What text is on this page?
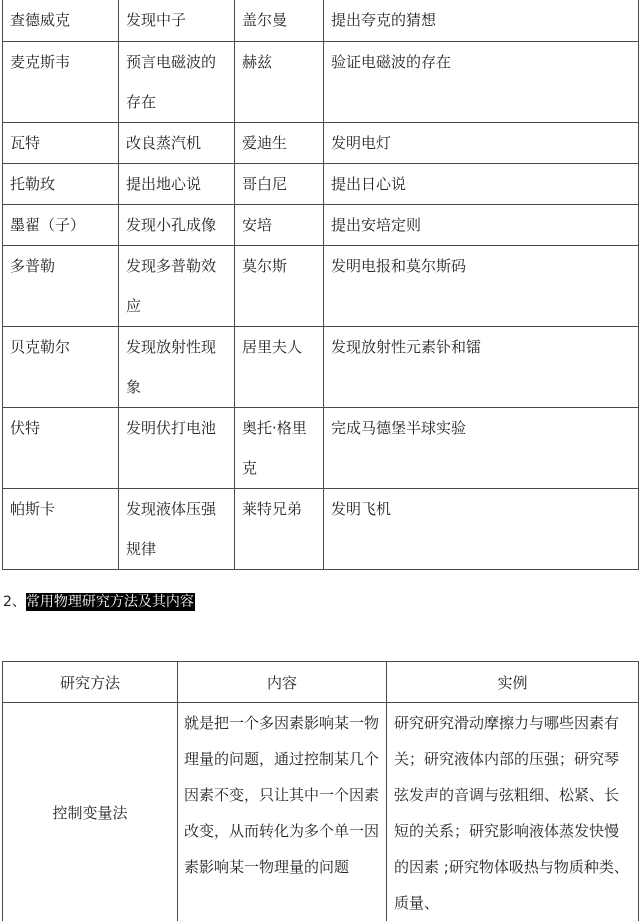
查德威克	发现中子	盖尔曼	提出夸克的猜想

麦克斯韦	预言电磁波的存在	赫兹	验证电磁波的存在

瓦特	改良蒸汽机	爱迪生	发明电灯

托勒玫	提出地心说	哥白尼	提出日心说

墨翟（子）	发现小孔成像	安培	提出安培定则

多普勒	发现多普勒效应	莫尔斯	发明电报和莫尔斯码

贝克勒尔	发现放射性现象	居里夫人	发现放射性元素钋和镭

伏特	发明伏打电池	奥托·格里克	完成马德堡半球实验

帕斯卡	发现液体压强规律	莱特兄弟	发明飞机
2、常用物理研究方法及其内容
研究方法	内容	实例
控制变量法	就是把一个多因素影响某一物理量的问题，通过控制某几个因素不变，只让其中一个因素改变，从而转化为多个单一因素影响某一物理量的问题	研究研究滑动摩擦力与哪些因素有关；研究液体内部的压强；研究琴弦发声的音调与弦粗细、松紧、长短的关系；研究影响液体蒸发快慢的因素 ;研究物体吸热与物质种类、质量、
